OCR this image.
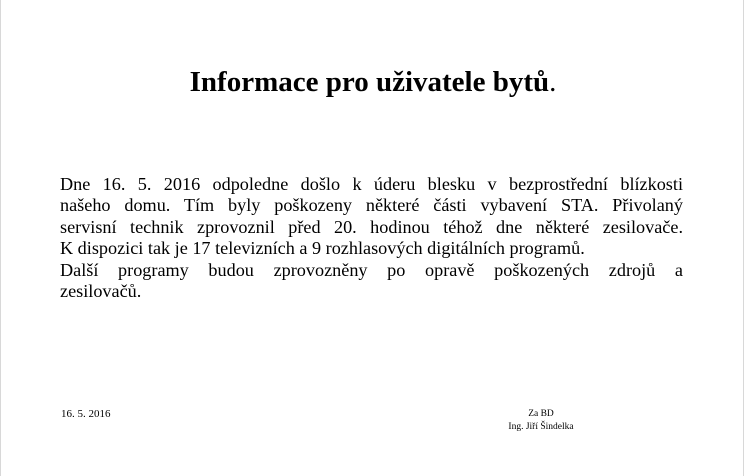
Informace pro uživatele bytů.

Dne 16. 5. 2016 odpoledne došlo k úderu blesku v bezprostřední blízkosti
našeho domu. Tím byly poškozeny některé části vybavení STA. Přivolaný
servisní technik zprovoznil před 20. hodinou téhož dne některé zesilovače.
K dispozici tak je 17 televizních a 9 rozhlasových digitálních programů.
Další programy budou zprovozněny po opravě poškozených zdrojů a
zesilovačů.

16. 5. 2016	Za BD
Ing. Jiří Šindelka
